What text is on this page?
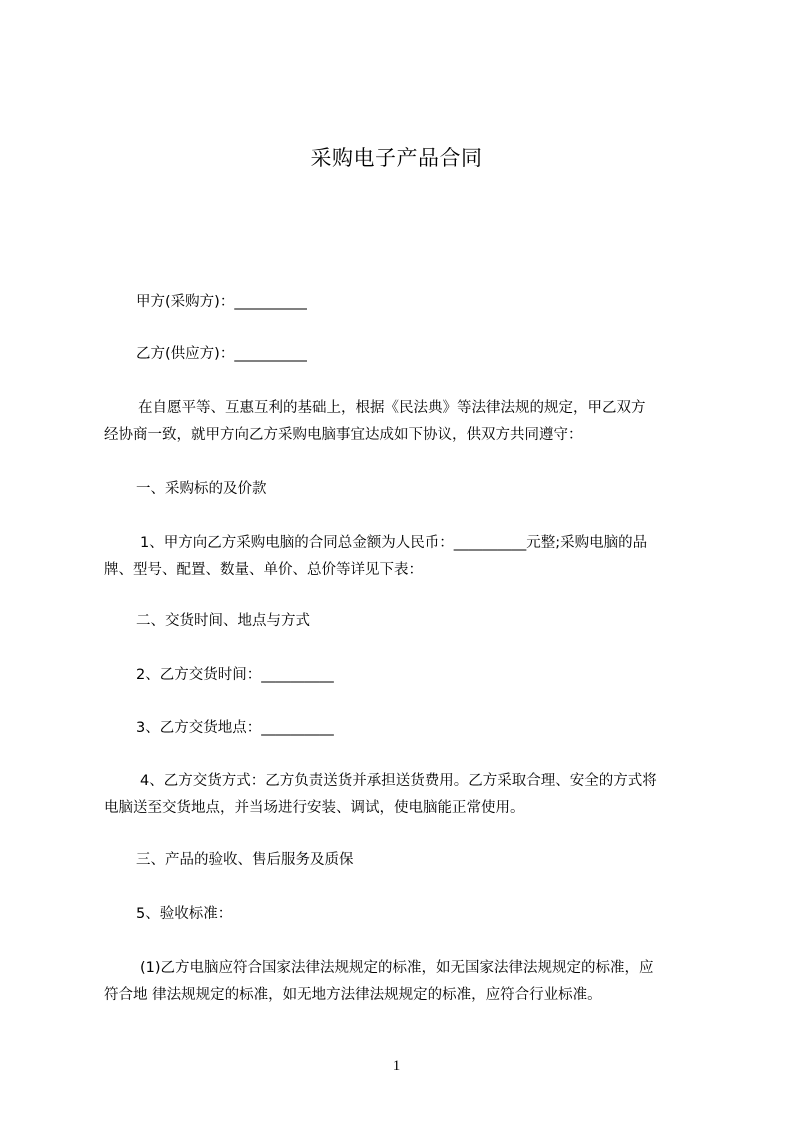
采购电子产品合同
甲方(采购方)：__________
乙方(供应方)：__________
在自愿平等、互惠互利的基础上，根据《民法典》等法律法规的规定，甲乙双方
经协商一致，就甲方向乙方采购电脑事宜达成如下协议，供双方共同遵守：
一、采购标的及价款
1、甲方向乙方采购电脑的合同总金额为人民币：__________元整;采购电脑的品
牌、型号、配置、数量、单价、总价等详见下表：
二、交货时间、地点与方式
2、乙方交货时间：__________
3、乙方交货地点：__________
4、乙方交货方式：乙方负责送货并承担送货费用。乙方采取合理、安全的方式将
电脑送至交货地点，并当场进行安装、调试，使电脑能正常使用。
三、产品的验收、售后服务及质保
5、验收标准：
(1)乙方电脑应符合国家法律法规规定的标准，如无国家法律法规规定的标准，应
符合地 律法规规定的标准，如无地方法律法规规定的标准，应符合行业标准。
1
